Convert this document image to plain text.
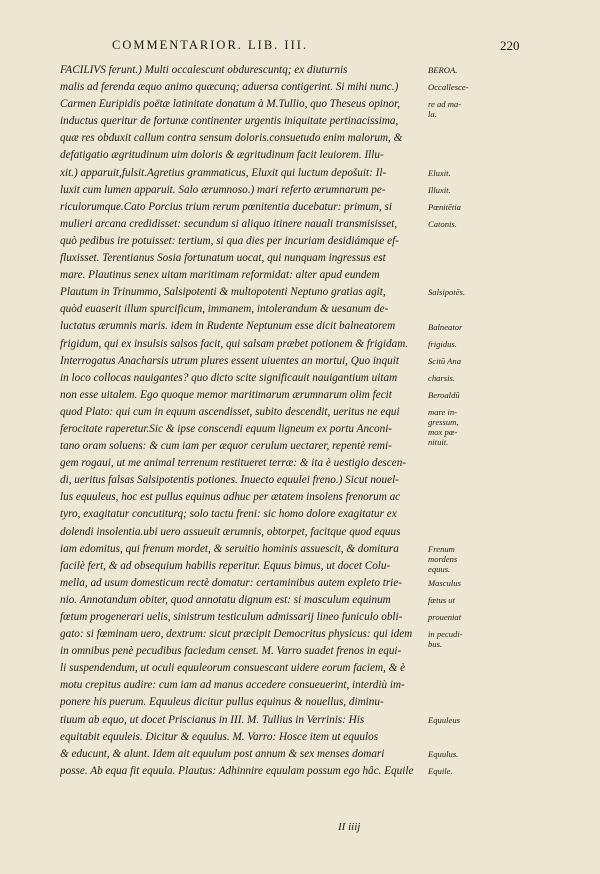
COMMENTARIOR. LIB. III.	220
FACILIVS ferunt.) Multi occalescunt obdurescuntq; ex diuturnis
malis ad ferenda æquo animo quæcunq; aduersa contigerint. Si mihi nunc.)
Carmen Euripidis poëtæ latinitate donatum à M.Tullio, quo Theseus opinor,
inductus queritur de fortunæ continenter urgentis iniquitate pertinacissima,
quæ res obduxit callum contra sensum doloris.consuetudo enim malorum, &
defatigatio ægritudinum uim doloris & ægritudinum facit leuiorem. Illu-
xit.) apparuit,fulsit.Agretius grammaticus, Eluxit qui luctum depošuit: Il-
luxit cum lumen apparuit. Salo ærumnoso.) mari referto ærumnarum pe-
riculorumque.Cato Porcius trium rerum pœnitentia ducebatur: primum, si
mulieri arcana credidisset: secundum si aliquo itinere nauali transmisisset,
quò pedibus ire potuisset: tertium, si qua dies per incuriam desidiámque ef-
fluxisset. Terentianus Sosia fortunatum uocat, qui nunquam ingressus est
mare. Plautinus senex uitam maritimam reformidat: alter apud eundem
Plautum in Trinummo, Salsipotenti & multopotenti Neptuno gratias agit,
quòd euaserit illum spurcificum, immanem, intolerandum & uesanum de-
luctatus ærumnis maris. idem in Rudente Neptunum esse dicit balneatorem
frigidum, qui ex insulsis salsos facit, qui salsam præbet potionem & frigidam.
Interrogatus Anacharsis utrum plures essent uiuentes an mortui, Quo inquit
in loco collocas nauigantes? quo dicto scite significauit nauigantium uitam
non esse uitalem. Ego quoque memor maritimarum ærumnarum olim fecit
quod Plato: qui cum in equum ascendisset, subito descendit, ueritus ne equi
ferocitate raperetur.Sic & ipse conscendi equum ligneum ex portu Anconi-
tano oram soluens: & cum iam per æquor cerulum uectarer, repentè remi-
gem rogaui, ut me animal terrenum restitueret terræ: & ita è uestigio descen-
di, ueritus falsas Salsipotentis potiones. Inuecto equulei freno.) Sicut nouel-
lus equuleus, hoc est pullus equinus adhuc per ætatem insolens frenorum ac
tyro, exagitatur concutiturq; solo tactu freni: sic homo dolore exagitatur ex
dolendi insolentia.ubi uero assueuit ærumnis, obtorpet, facitque quod equus
iam edomitus, qui frenum mordet, & seruitio hominis assuescit, & domitura
facilè fert, & ad obsequium habilis reperitur. Equus bimus, ut docet Colu-
mella, ad usum domesticum rectè domatur: certaminibus autem expleto trie-
nio. Annotandum obiter, quod annotatu dignum est: si masculum equinum
fœtum progenerari uelis, sinistrum testiculum admissarij lineo funiculo obli-
gato: si fœminam uero, dextrum: sicut præcipit Democritus physicus: qui idem
in omnibus penè pecudibus faciedum censet. M. Varro suadet frenos in equi-
li suspendendum, ut oculi equuleorum consuescant uidere eorum faciem, & è
motu crepitus audire: cum iam ad manus accedere consueuerint, interdiù im-
ponere his puerum. Equuleus dicitur pullus equinus & nouellus, diminu-
tiuum ab equo, ut docet Priscianus in III. M. Tullius in Verrinis: His
equitabit equuleis. Dicitur & equulus. M. Varro: Hosce item ut equulos
& educunt, & alunt. Idem ait equulum post annum & sex menses domari
posse. Ab equa fit equula. Plautus: Adhinnire equulam possum ego hâc. Equile
BEROA.
Occallesce-
re ad ma-
la.
Eluxit.
Illuxit.
Pœnitētia
Catonis.
Salsipotēs.
Balneator
frigidus.
Scitū Ana
charsis.
Beroaldū
mare in-
gressum,
mox pœ-
nituit.
Frenum
mordens
equus.
Masculus
fœtus ut
proueniat
in pecudi-
bus.
Equuleus
Equulus.
Equile.
II iiij
